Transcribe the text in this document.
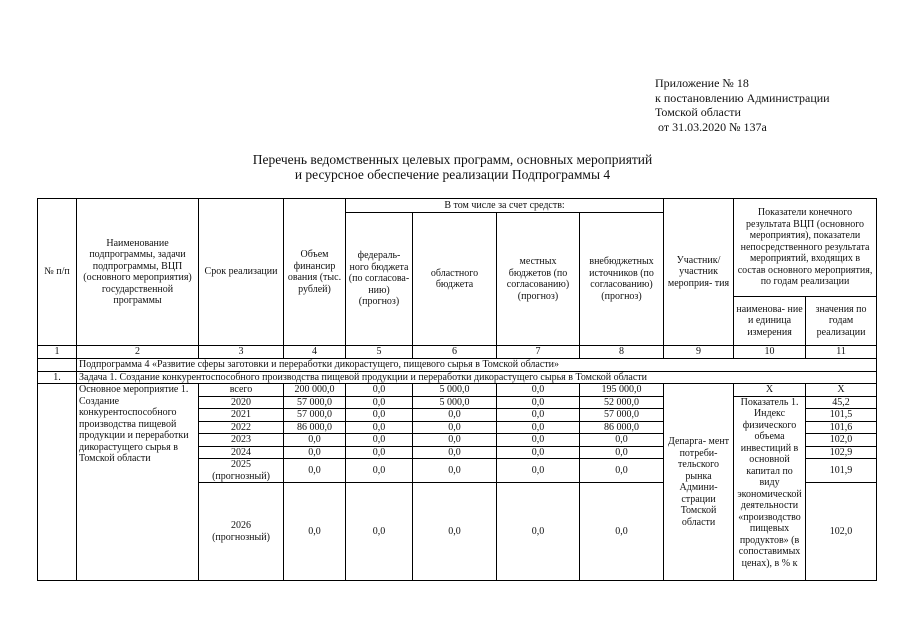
Приложение № 18
к постановлению Администрации
Томской области
от 31.03.2020 № 137а
Перечень ведомственных целевых программ, основных мероприятий
и ресурсное обеспечение реализации Подпрограммы 4
№ п/п	Наименование подпрограммы, задачи подпрограммы, ВЦП (основного мероприятия) государственной программы	Срок реализации	Объем финансир ования (тыс. рублей)	В том числе за счет средств:				Участник/ участник мероприя- тия	Показатели конечного результата ВЦП (основного мероприятия), показатели непосредственного результата мероприятий, входящих в состав основного мероприятия, по годам реализации	
				федераль- ного бюджета (по согласова- нию) (прогноз)	областного бюджета	местных бюджетов (по согласованию) (прогноз)	внебюджетных источников (по согласованию) (прогноз)			
									наименова- ние и единица измерения	значения по годам реализации
1	2	3	4	5	6	7	8	9	10	11
	Подпрограмма 4 «Развитие сферы заготовки и переработки дикорастущего, пищевого сырья в Томской области»									
1.	Задача 1. Создание конкурентоспособного производства пищевой продукции и переработки дикорастущего сырья в Томской области									
	Основное мероприятие 1. Создание конкурентоспособного производства пищевой продукции и переработки дикорастущего сырья в Томской области	всего	200 000,0	0,0	5 000,0	0,0	195 000,0	Депарга- мент потреби- тельского рынка Админи- страции Томской области	X	X
		2020	57 000,0	0,0	5 000,0	0,0	52 000,0		Показатель 1. Индекс физического объема инвестиций в основной капитал по виду экономической деятельности «производство пищевых продуктов» (в сопоставимых ценах), в % к	45,2
		2021	57 000,0	0,0	0,0	0,0	57 000,0			101,5
		2022	86 000,0	0,0	0,0	0,0	86 000,0			101,6
		2023	0,0	0,0	0,0	0,0	0,0			102,0
		2024	0,0	0,0	0,0	0,0	0,0			102,9
		2025 (прогнозный)	0,0	0,0	0,0	0,0	0,0			101,9
		2026 (прогнозный)	0,0	0,0	0,0	0,0	0,0			102,0
